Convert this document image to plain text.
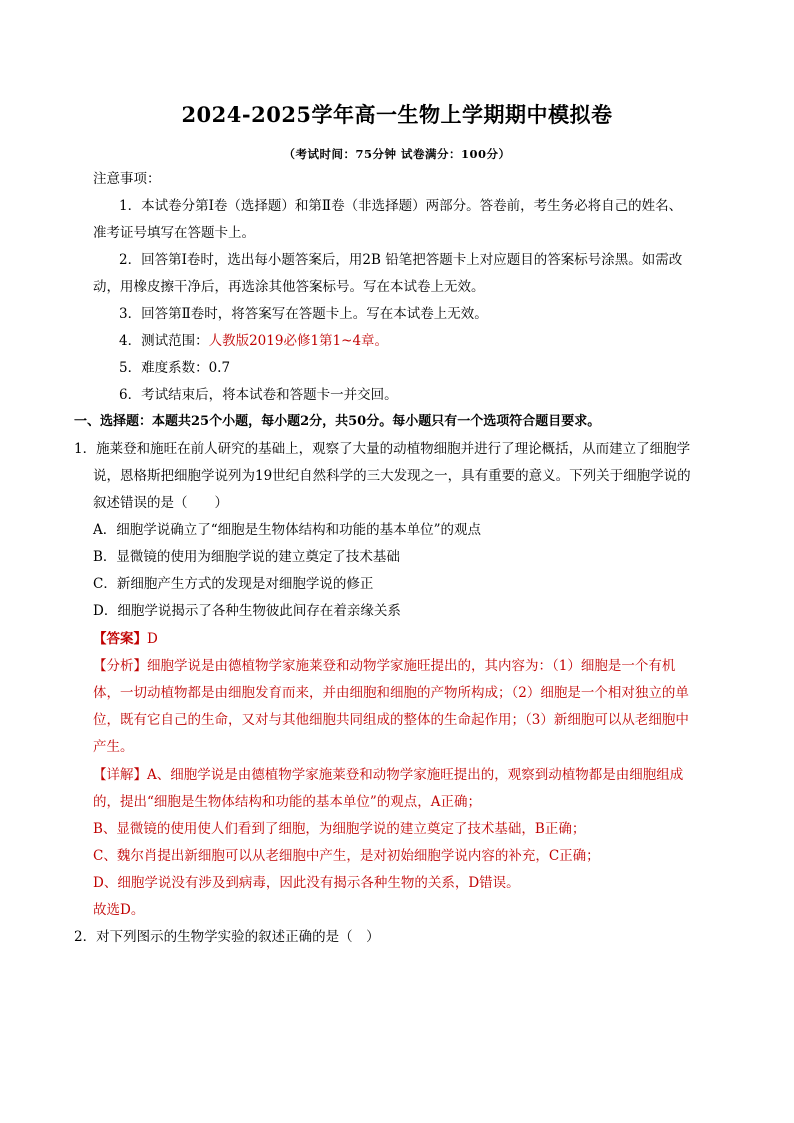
2024-2025学年高一生物上学期期中模拟卷
（考试时间：75分钟 试卷满分：100分）
注意事项：
1．本试卷分第Ⅰ卷（选择题）和第Ⅱ卷（非选择题）两部分。答卷前，考生务必将自己的姓名、
准考证号填写在答题卡上。
2．回答第Ⅰ卷时，选出每小题答案后，用2B 铅笔把答题卡上对应题目的答案标号涂黑。如需改
动，用橡皮擦干净后，再选涂其他答案标号。写在本试卷上无效。
3．回答第Ⅱ卷时，将答案写在答题卡上。写在本试卷上无效。
4．测试范围：人教版2019必修1第1~4章。
5．难度系数：0.7
6．考试结束后，将本试卷和答题卡一并交回。
一、选择题：本题共25个小题，每小题2分，共50分。每小题只有一个选项符合题目要求。
1．施莱登和施旺在前人研究的基础上，观察了大量的动植物细胞并进行了理论概括，从而建立了细胞学
说，恩格斯把细胞学说列为19世纪自然科学的三大发现之一，具有重要的意义。下列关于细胞学说的
叙述错误的是（　　）
A．细胞学说确立了“细胞是生物体结构和功能的基本单位”的观点
B．显微镜的使用为细胞学说的建立奠定了技术基础
C．新细胞产生方式的发现是对细胞学说的修正
D．细胞学说揭示了各种生物彼此间存在着亲缘关系
【答案】D
【分析】细胞学说是由德植物学家施莱登和动物学家施旺提出的，其内容为：（1）细胞是一个有机
体，一切动植物都是由细胞发育而来，并由细胞和细胞的产物所构成；（2）细胞是一个相对独立的单
位，既有它自己的生命，又对与其他细胞共同组成的整体的生命起作用；（3）新细胞可以从老细胞中
产生。
【详解】A、细胞学说是由德植物学家施莱登和动物学家施旺提出的，观察到动植物都是由细胞组成
的，提出“细胞是生物体结构和功能的基本单位”的观点，A正确；
B、显微镜的使用使人们看到了细胞，为细胞学说的建立奠定了技术基础，B正确；
C、魏尔肖提出新细胞可以从老细胞中产生，是对初始细胞学说内容的补充，C正确；
D、细胞学说没有涉及到病毒，因此没有揭示各种生物的关系，D错误。
故选D。
2．对下列图示的生物学实验的叙述正确的是（　）
